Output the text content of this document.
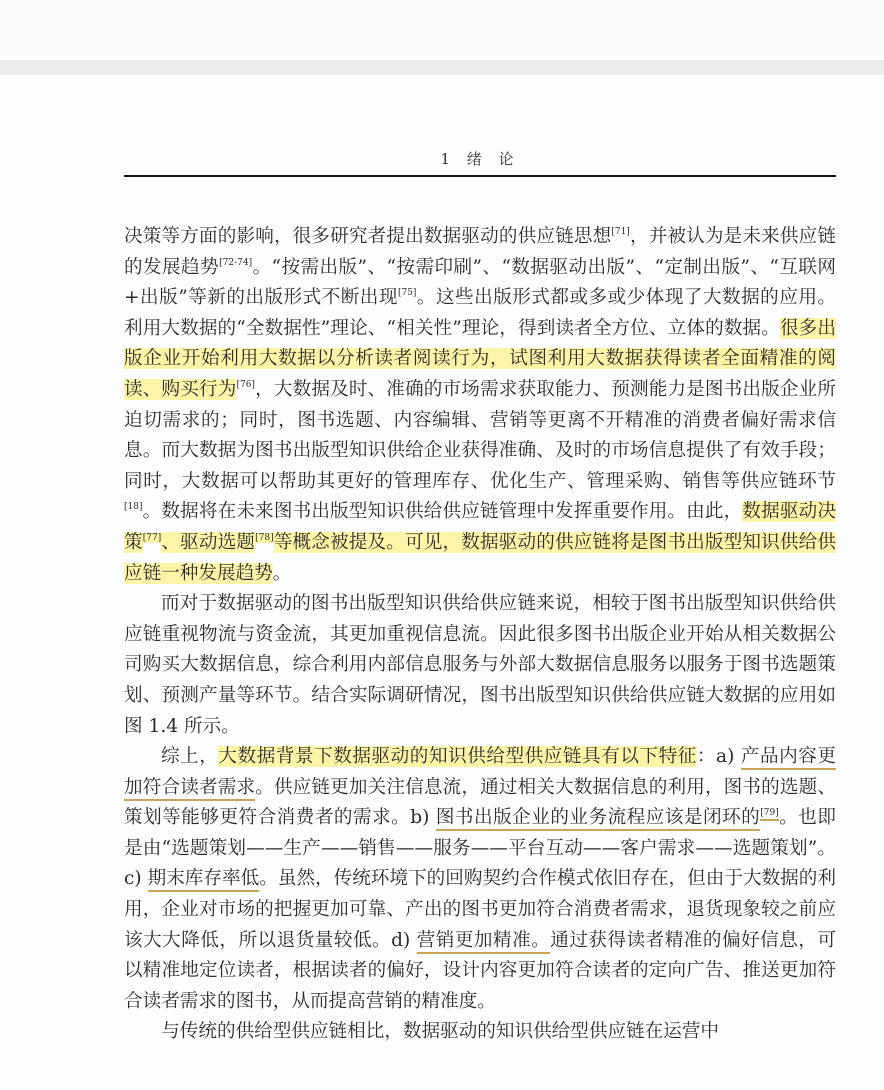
1 绪 论

决策等方面的影响，很多研究者提出数据驱动的供应链思想[71]，并被认为是未来供应链的发展趋势[72-74]。“按需出版”、“按需印刷”、“数据驱动出版”、“定制出版”、“互联网+出版”等新的出版形式不断出现[75]。这些出版形式都或多或少体现了大数据的应用。利用大数据的“全数据性”理论、“相关性”理论，得到读者全方位、立体的数据。很多出版企业开始利用大数据以分析读者阅读行为，试图利用大数据获得读者全面精准的阅读、购买行为[76]，大数据及时、准确的市场需求获取能力、预测能力是图书出版企业所迫切需求的；同时，图书选题、内容编辑、营销等更离不开精准的消费者偏好需求信息。而大数据为图书出版型知识供给企业获得准确、及时的市场信息提供了有效手段；同时，大数据可以帮助其更好的管理库存、优化生产、管理采购、销售等供应链环节[18]。数据将在未来图书出版型知识供给供应链管理中发挥重要作用。由此，数据驱动决策[77]、驱动选题[78]等概念被提及。可见，数据驱动的供应链将是图书出版型知识供给供应链一种发展趋势。

而对于数据驱动的图书出版型知识供给供应链来说，相较于图书出版型知识供给供应链重视物流与资金流，其更加重视信息流。因此很多图书出版企业开始从相关数据公司购买大数据信息，综合利用内部信息服务与外部大数据信息服务以服务于图书选题策划、预测产量等环节。结合实际调研情况，图书出版型知识供给供应链大数据的应用如图 1.4 所示。

综上，大数据背景下数据驱动的知识供给型供应链具有以下特征：a) 产品内容更加符合读者需求。供应链更加关注信息流，通过相关大数据信息的利用，图书的选题、策划等能够更符合消费者的需求。b) 图书出版企业的业务流程应该是闭环的[79]。也即是由“选题策划——生产——销售——服务——平台互动——客户需求——选题策划”。c) 期末库存率低。虽然，传统环境下的回购契约合作模式依旧存在，但由于大数据的利用，企业对市场的把握更加可靠、产出的图书更加符合消费者需求，退货现象较之前应该大大降低，所以退货量较低。d) 营销更加精准。通过获得读者精准的偏好信息，可以精准地定位读者，根据读者的偏好，设计内容更加符合读者的定向广告、推送更加符合读者需求的图书，从而提高营销的精准度。

　　与传统的供给型供应链相比，数据驱动的知识供给型供应链在运营中
